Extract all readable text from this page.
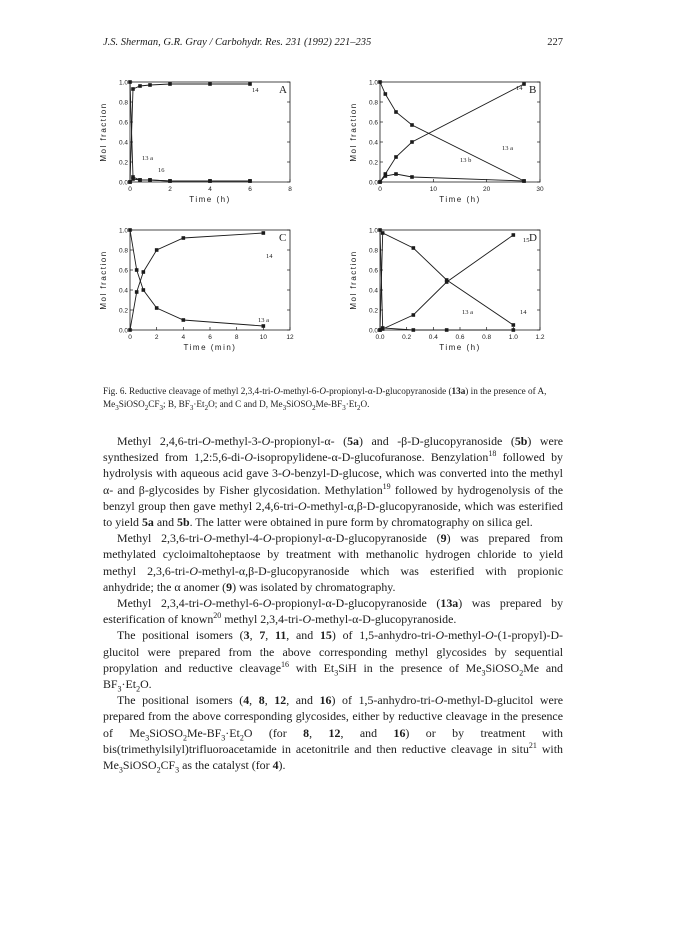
J.S. Sherman, G.R. Gray / Carbohydr. Res. 231 (1992) 221–235	227
0.0
0.2
0.4
0.6
0.8
1.0
0	2	4	6	8
Time (h)
Mol fraction
A
14
13 a
16
0.0
0.2
0.4
0.6
0.8
1.0
0	10	20	30
Time (h)
Mol fraction
B
14
13 a
13 b
0.0
0.2
0.4
0.6
0.8
1.0
0	2	4	6	8	10	12
Time (min)
Mol fraction
C
14
13 a
0.0
0.2
0.4
0.6
0.8
1.0
0.0	0.2	0.4	0.6	0.8	1.0	1.2
Time (h)
Mol fraction
D
15
13 a	14
Fig. 6. Reductive cleavage of methyl 2,3,4-tri-O-methyl-6-O-propionyl-α-D-glucopyranoside (13a) in the presence of A, $Me_3SiOSO_2CF_3$; B, $BF_3\cdot Et_2O$; and C and D, $Me_3SiOSO_2Me-BF_3\cdot Et_2O$.

Methyl 2,4,6-tri-O-methyl-3-O-propionyl-α- (5a) and -β-D-glucopyranoside (5b) were synthesized from 1,2:5,6-di-O-isopropylidene-α-D-glucofuranose. Benzylation$^{18}$ followed by hydrolysis with aqueous acid gave 3-O-benzyl-D-glucose, which was converted into the methyl α- and β-glycosides by Fisher glycosidation. Methylation$^{19}$ followed by hydrogenolysis of the benzyl group then gave methyl 2,4,6-tri-O-methyl-α,β-D-glucopyranoside, which was esterified to yield 5a and 5b. The latter were obtained in pure form by chromatography on silica gel.

Methyl 2,3,6-tri-O-methyl-4-O-propionyl-α-D-glucopyranoside (9) was prepared from methylated cycloimaltoheptaose by treatment with methanolic hydrogen chloride to yield methyl 2,3,6-tri-O-methyl-α,β-D-glucopyranoside which was esterified with propionic anhydride; the α anomer (9) was isolated by chromatography.

Methyl 2,3,4-tri-O-methyl-6-O-propionyl-α-D-glucopyranoside (13a) was prepared by esterification of known$^{20}$ methyl 2,3,4-tri-O-methyl-α-D-glucopyranoside.

The positional isomers (3, 7, 11, and 15) of 1,5-anhydro-tri-O-methyl-O-(1-propyl)-D-glucitol were prepared from the above corresponding methyl glycosides by sequential propylation and reductive cleavage$^{16}$ with $Et_3SiH$ in the presence of $Me_3SiOSO_2Me$ and $BF_3\cdot Et_2O$.

The positional isomers (4, 8, 12, and 16) of 1,5-anhydro-tri-O-methyl-D-glucitol were prepared from the above corresponding glycosides, either by reductive cleavage in the presence of $Me_3SiOSO_2Me-BF_3\cdot Et_2O$ (for 8, 12, and 16) or by treatment with bis(trimethylsilyl)trifluoroacetamide in acetonitrile and then reductive cleavage in situ$^{21}$ with $Me_3SiOSO_2CF_3$ as the catalyst (for 4).
